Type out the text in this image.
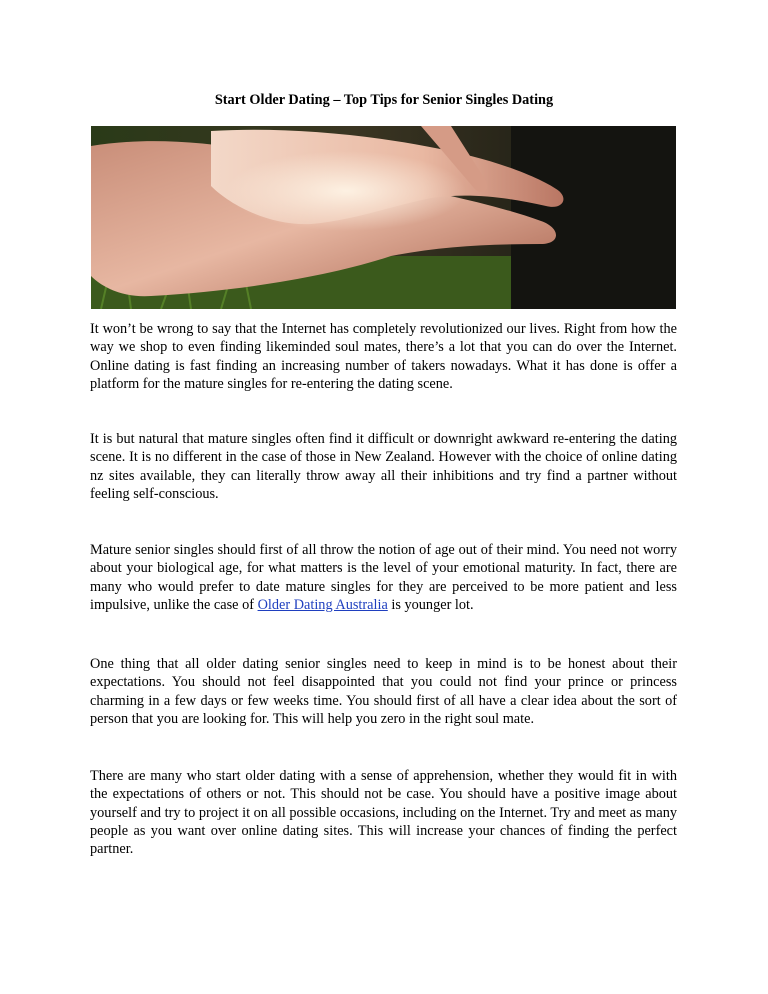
Start Older Dating – Top Tips for Senior Singles Dating

It won’t be wrong to say that the Internet has completely revolutionized our lives. Right from how the way we shop to even finding likeminded soul mates, there’s a lot that you can do over the Internet. Online dating is fast finding an increasing number of takers nowadays. What it has done is offer a platform for the mature singles for re-entering the dating scene.

It is but natural that mature singles often find it difficult or downright awkward re-entering the dating scene. It is no different in the case of those in New Zealand. However with the choice of online dating nz sites available, they can literally throw away all their inhibitions and try find a partner without feeling self-conscious.

Mature senior singles should first of all throw the notion of age out of their mind. You need not worry about your biological age, for what matters is the level of your emotional maturity. In fact, there are many who would prefer to date mature singles for they are perceived to be more patient and less impulsive, unlike the case of Older Dating Australia is younger lot.

One thing that all older dating senior singles need to keep in mind is to be honest about their expectations. You should not feel disappointed that you could not find your prince or princess charming in a few days or few weeks time. You should first of all have a clear idea about the sort of person that you are looking for. This will help you zero in the right soul mate.

There are many who start older dating with a sense of apprehension, whether they would fit in with the expectations of others or not. This should not be case. You should have a positive image about yourself and try to project it on all possible occasions, including on the Internet. Try and meet as many people as you want over online dating sites. This will increase your chances of finding the perfect partner.
